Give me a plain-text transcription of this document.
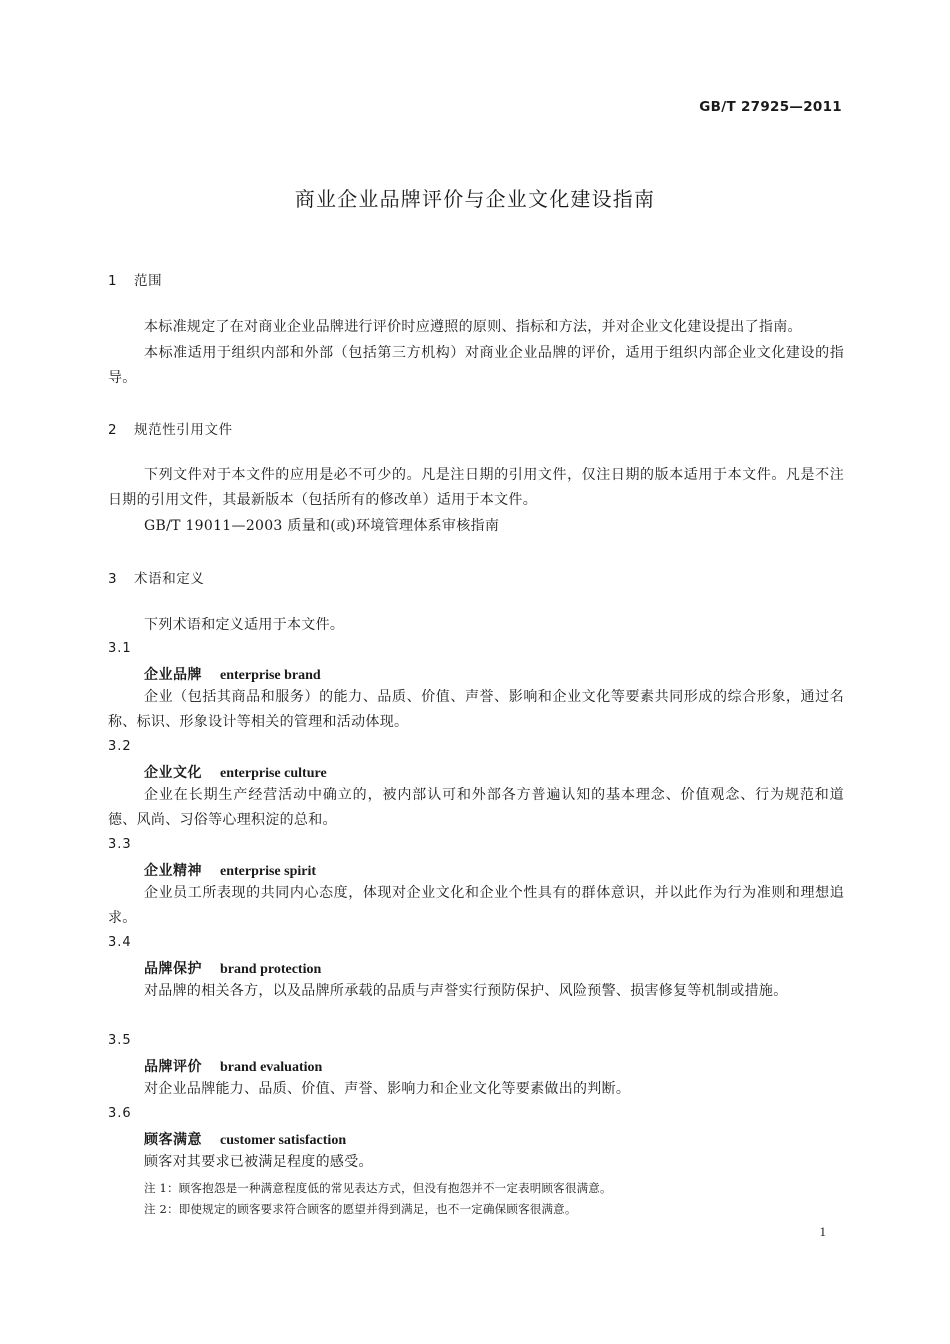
GB/T 27925—2011
商业企业品牌评价与企业文化建设指南
1 范围
本标准规定了在对商业企业品牌进行评价时应遵照的原则、指标和方法，并对企业文化建设提出了指南。
本标准适用于组织内部和外部（包括第三方机构）对商业企业品牌的评价，适用于组织内部企业文化建设的指导。
2 规范性引用文件
下列文件对于本文件的应用是必不可少的。凡是注日期的引用文件，仅注日期的版本适用于本文件。凡是不注日期的引用文件，其最新版本（包括所有的修改单）适用于本文件。
GB/T 19011—2003 质量和(或)环境管理体系审核指南
3 术语和定义
下列术语和定义适用于本文件。
3.1
企业品牌 enterprise brand
企业（包括其商品和服务）的能力、品质、价值、声誉、影响和企业文化等要素共同形成的综合形象，通过名称、标识、形象设计等相关的管理和活动体现。
3.2
企业文化 enterprise culture
企业在长期生产经营活动中确立的，被内部认可和外部各方普遍认知的基本理念、价值观念、行为规范和道德、风尚、习俗等心理积淀的总和。
3.3
企业精神 enterprise spirit
企业员工所表现的共同内心态度，体现对企业文化和企业个性具有的群体意识，并以此作为行为准则和理想追求。
3.4
品牌保护 brand protection
对品牌的相关各方，以及品牌所承载的品质与声誉实行预防保护、风险预警、损害修复等机制或措施。
3.5
品牌评价 brand evaluation
对企业品牌能力、品质、价值、声誉、影响力和企业文化等要素做出的判断。
3.6
顾客满意 customer satisfaction
顾客对其要求已被满足程度的感受。
注 1：顾客抱怨是一种满意程度低的常见表达方式，但没有抱怨并不一定表明顾客很满意。
注 2：即使规定的顾客要求符合顾客的愿望并得到满足，也不一定确保顾客很满意。
1
